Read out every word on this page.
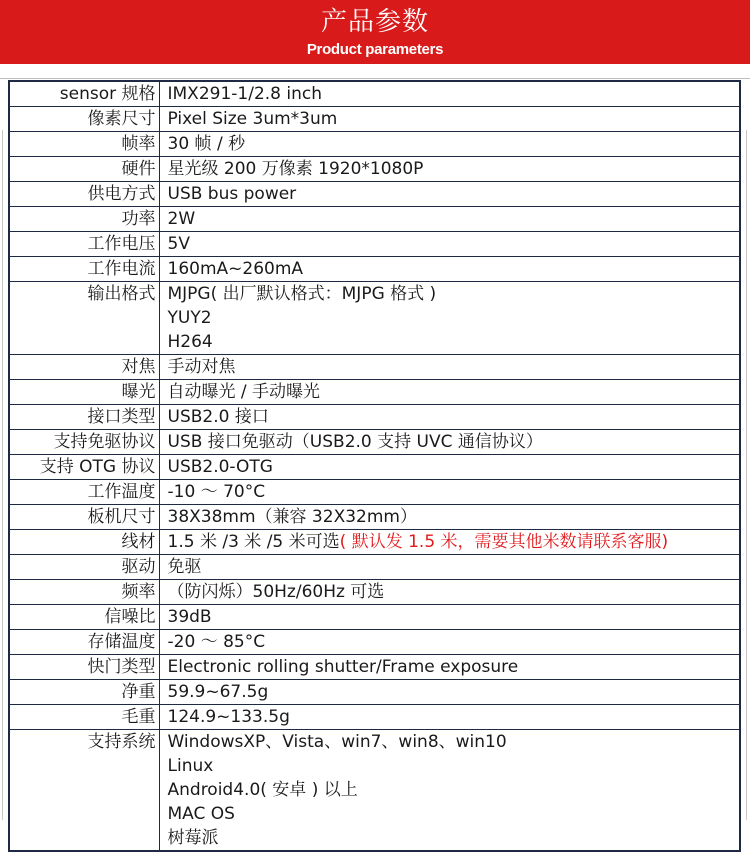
产品参数
Product parameters
sensor 规格	IMX291-1/2.8 inch
像素尺寸	Pixel Size 3um*3um
帧率	30 帧 / 秒
硬件	星光级 200 万像素 1920*1080P
供电方式	USB bus power
功率	2W
工作电压	5V
工作电流	160mA~260mA
输出格式	MJPG( 出厂默认格式：MJPG 格式 )
YUY2
H264

对焦	手动对焦
曝光	自动曝光 / 手动曝光
接口类型	USB2.0 接口
支持免驱协议	USB 接口免驱动（USB2.0 支持 UVC 通信协议）
支持 OTG 协议	USB2.0-OTG
工作温度	-10 ～ 70°C
板机尺寸	38X38mm（兼容 32X32mm）
线材	1.5 米 /3 米 /5 米可选( 默认发 1.5 米，需要其他米数请联系客服)
驱动	免驱
频率	（防闪烁）50Hz/60Hz 可选
信噪比	39dB
存储温度	-20 ～ 85°C
快门类型	Electronic rolling shutter/Frame exposure
净重	59.9~67.5g
毛重	124.9~133.5g
支持系统	WindowsXP、Vista、win7、win8、win10
Linux
Android4.0( 安卓 ) 以上
MAC OS
树莓派
